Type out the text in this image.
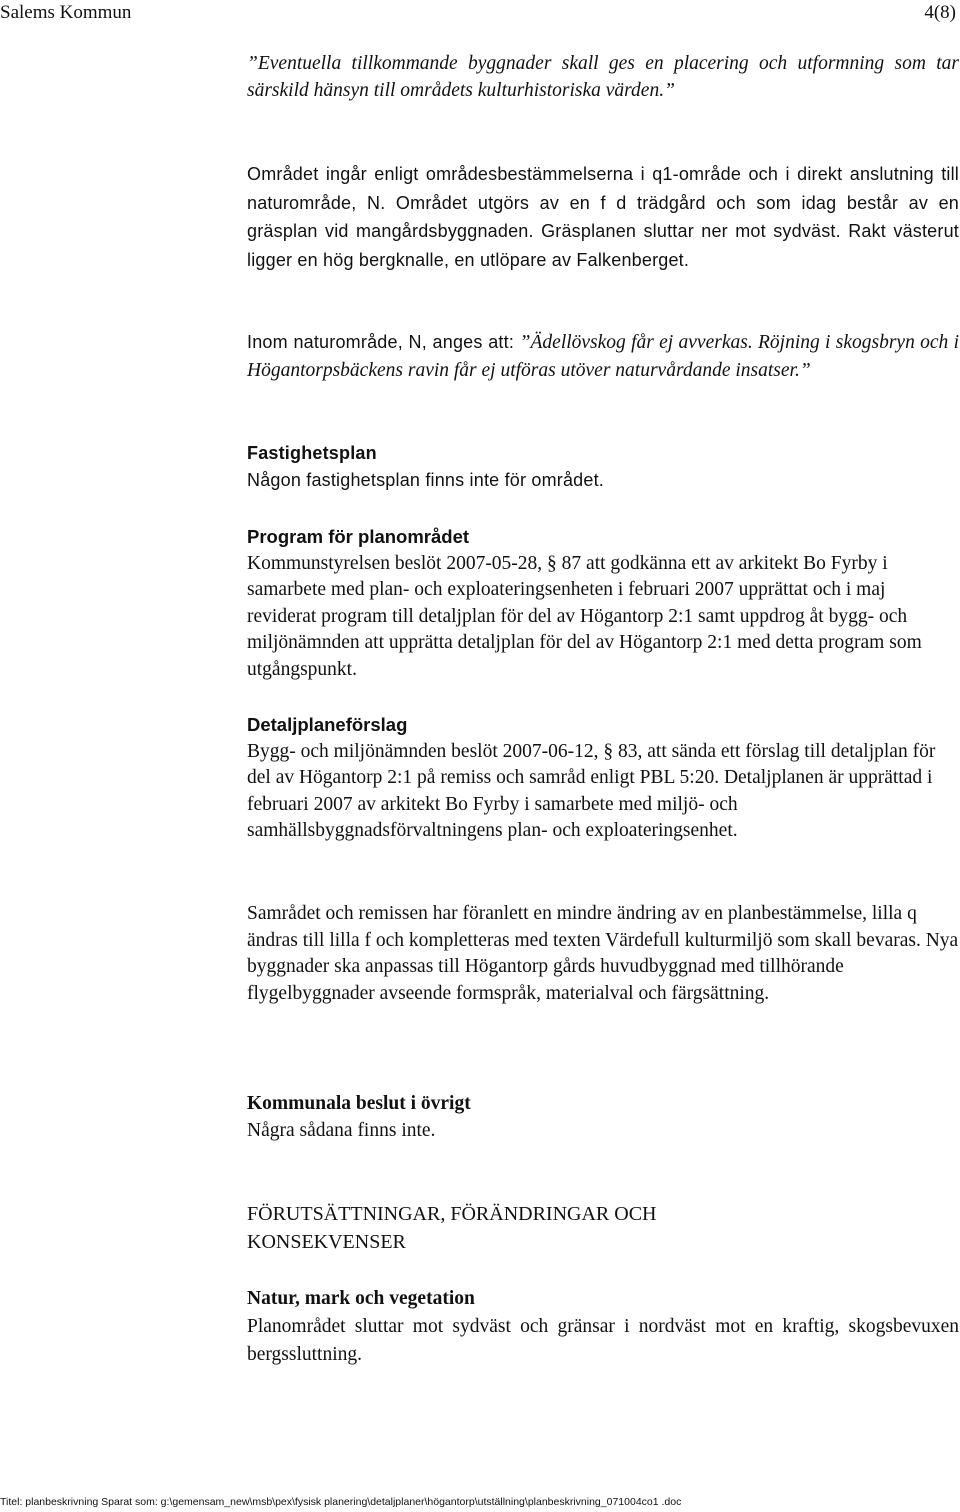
Salems Kommun	4(8)
”Eventuella tillkommande byggnader skall ges en placering och utformning som tar särskild hänsyn till områdets kulturhistoriska värden.”
Området ingår enligt områdesbestämmelserna i q1-område och i direkt anslutning till naturområde, N. Området utgörs av en f d trädgård och som idag består av en gräsplan vid mangårdsbyggnaden. Gräsplanen sluttar ner mot sydväst. Rakt västerut ligger en hög bergknalle, en utlöpare av Falkenberget.
Inom naturområde, N, anges att: ”Ädellövskog får ej avverkas. Röjning i skogsbryn och i Högantorpsbäckens ravin får ej utföras utöver naturvårdande insatser.”
Fastighetsplan
Någon fastighetsplan finns inte för området.
Program för planområdet
Kommunstyrelsen beslöt 2007-05-28, § 87 att godkänna ett av arkitekt Bo Fyrby i samarbete med plan- och exploateringsenheten i februari 2007 upprättat och i maj reviderat program till detaljplan för del av Högantorp 2:1 samt uppdrog åt bygg- och miljönämnden att upprätta detaljplan för del av Högantorp 2:1 med detta program som utgångspunkt.
Detaljplaneförslag
Bygg- och miljönämnden beslöt 2007-06-12, § 83, att sända ett förslag till detaljplan för del av Högantorp 2:1 på remiss och samråd enligt PBL 5:20. Detaljplanen är upprättad i februari 2007 av arkitekt Bo Fyrby i samarbete med miljö- och samhällsbyggnadsförvaltningens plan- och exploateringsenhet.
Samrådet och remissen har föranlett en mindre ändring av en planbestämmelse, lilla q ändras till lilla f och kompletteras med texten Värdefull kulturmiljö som skall bevaras. Nya byggnader ska anpassas till Högantorp gårds huvudbyggnad med tillhörande flygelbyggnader avseende formspråk, materialval och färgsättning.
Kommunala beslut i övrigt
Några sådana finns inte.
FÖRUTSÄTTNINGAR, FÖRÄNDRINGAR OCH
KONSEKVENSER
Natur, mark och vegetation
Planområdet sluttar mot sydväst och gränsar i nordväst mot en kraftig, skogsbevuxen bergssluttning.
Titel: planbeskrivning Sparat som: g:\gemensam_new\msb\pex\fysisk planering\detaljplaner\högantorp\utställning\planbeskrivning_071004co1 .doc
